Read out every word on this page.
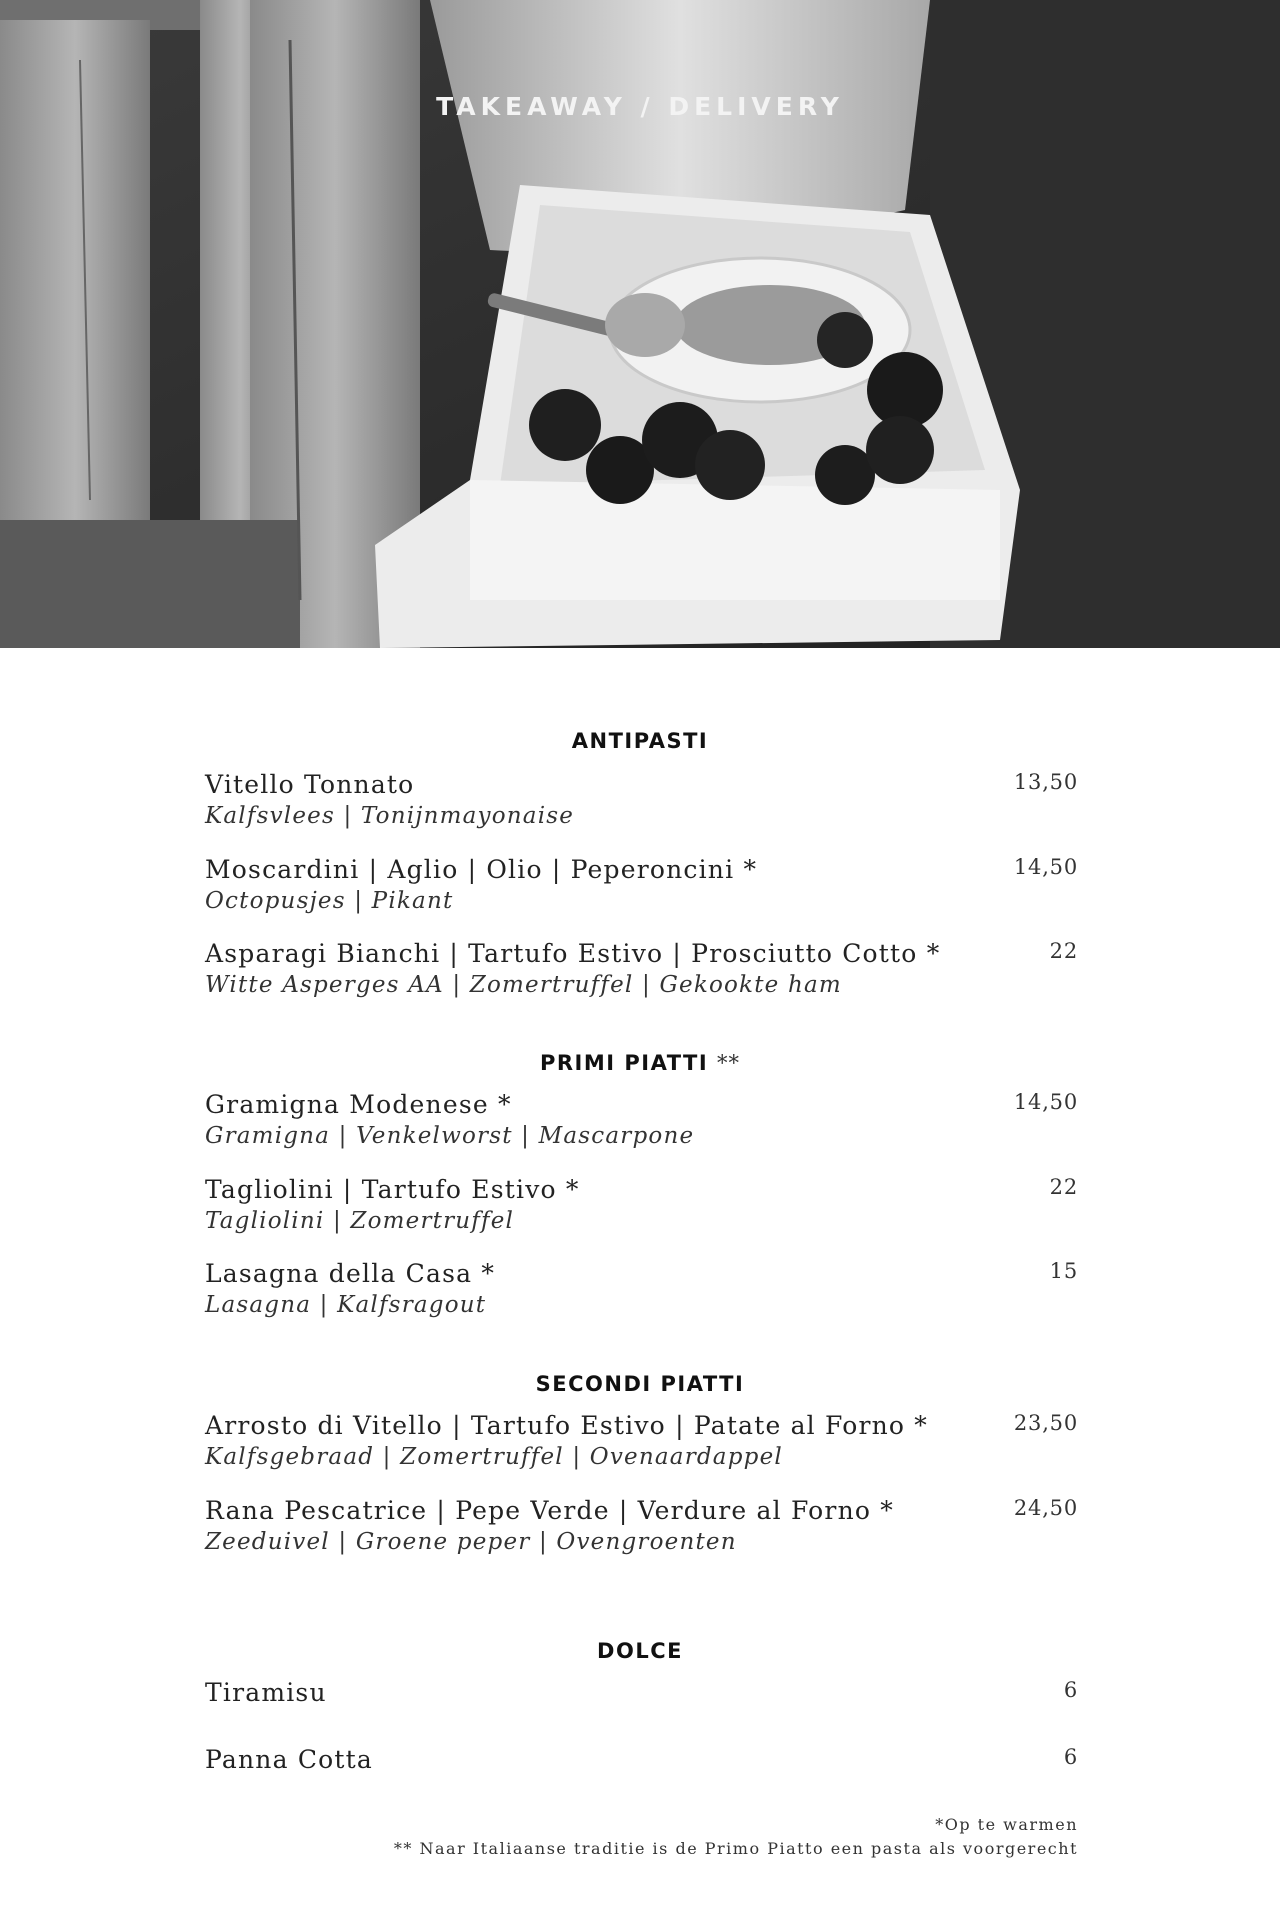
TAKEAWAY / DELIVERY
ANTIPASTI
Vitello Tonnato
Kalfsvlees | Tonijnmayonaise
13,50
Moscardini | Aglio | Olio | Peperoncini *
Octopusjes | Pikant
14,50
Asparagi Bianchi | Tartufo Estivo | Prosciutto Cotto *
Witte Asperges AA | Zomertruffel | Gekookte ham
22
PRIMI PIATTI **
Gramigna Modenese *
Gramigna | Venkelworst | Mascarpone
14,50
Tagliolini | Tartufo Estivo *
Tagliolini | Zomertruffel
22
Lasagna della Casa *
Lasagna | Kalfsragout
15
SECONDI PIATTI
Arrosto di Vitello | Tartufo Estivo | Patate al Forno *
Kalfsgebraad | Zomertruffel | Ovenaardappel
23,50
Rana Pescatrice | Pepe Verde | Verdure al Forno *
Zeeduivel | Groene peper | Ovengroenten
24,50
DOLCE
Tiramisu	6
Panna Cotta	6
*Op te warmen
** Naar Italiaanse traditie is de Primo Piatto een pasta als voorgerecht
